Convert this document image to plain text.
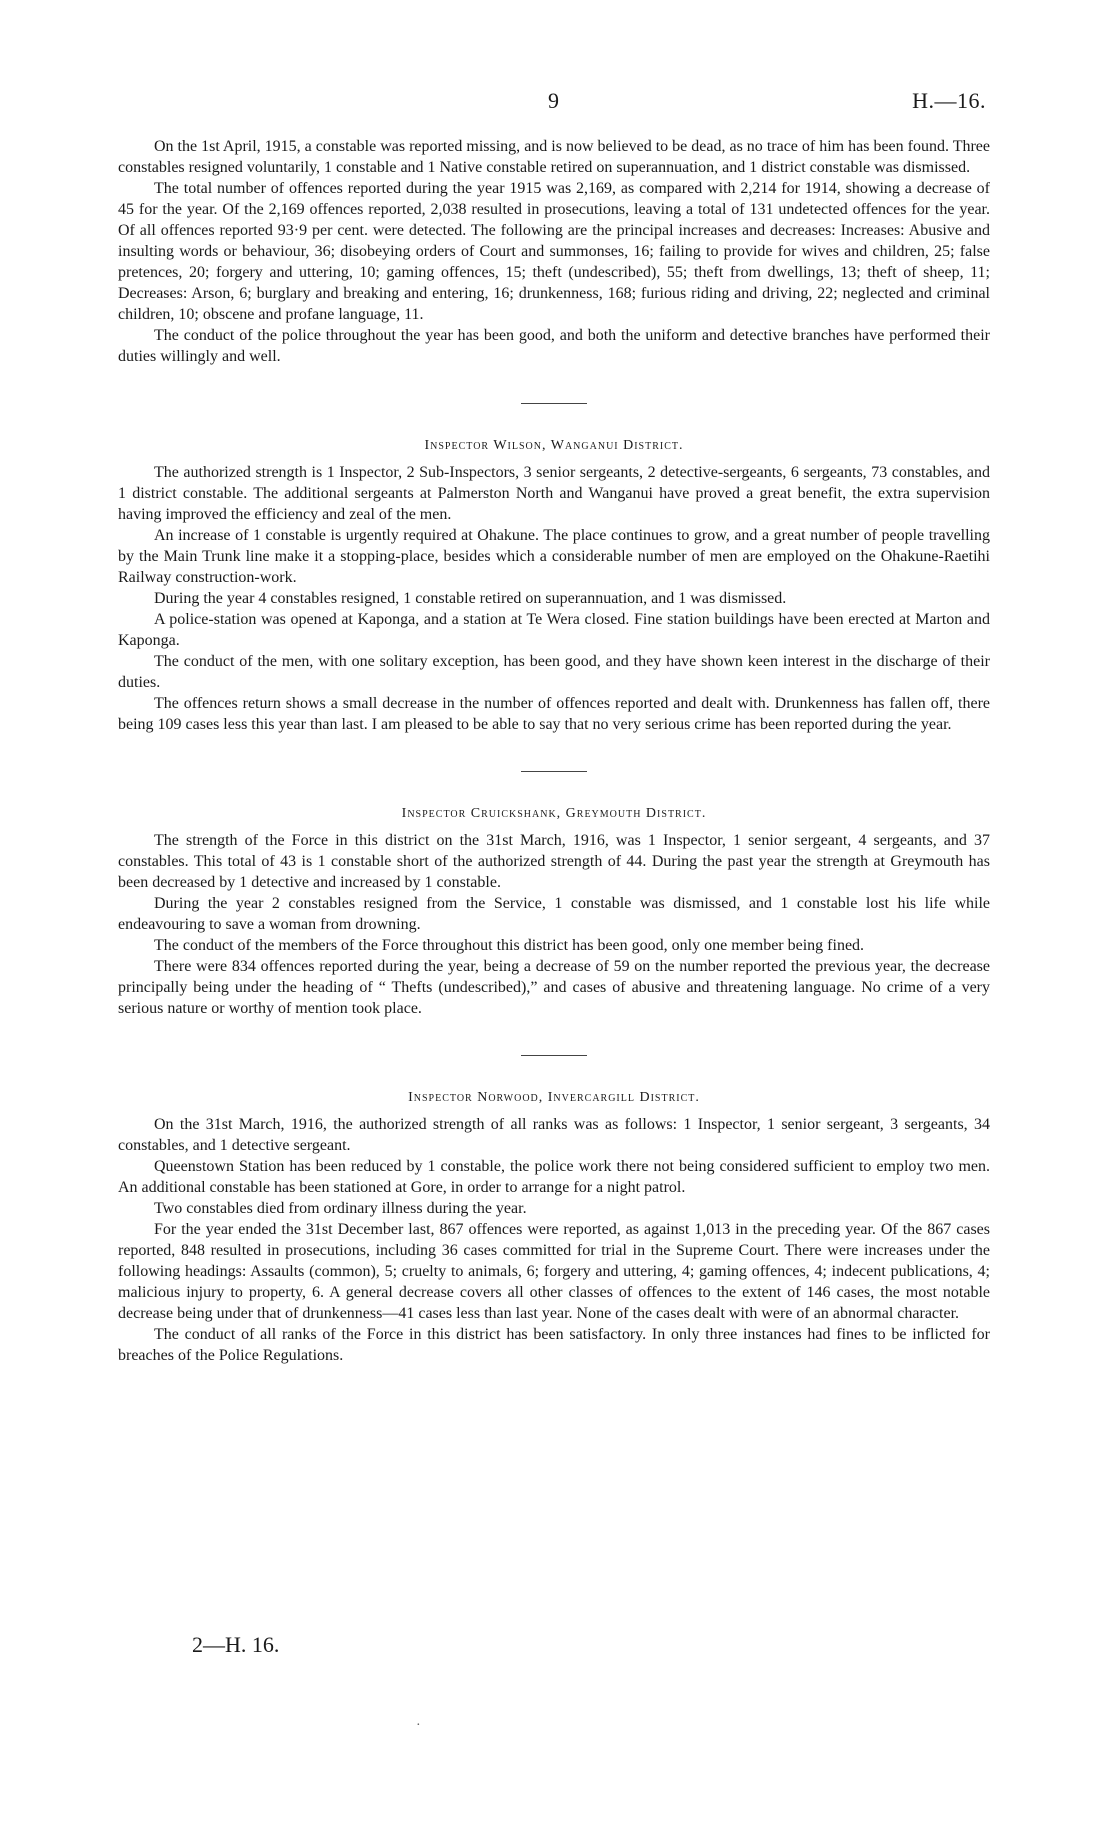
9	H.—16.

On the 1st April, 1915, a constable was reported missing, and is now believed to be dead, as no trace of him has been found. Three constables resigned voluntarily, 1 constable and 1 Native constable retired on superannuation, and 1 district constable was dismissed.

The total number of offences reported during the year 1915 was 2,169, as compared with 2,214 for 1914, showing a decrease of 45 for the year. Of the 2,169 offences reported, 2,038 resulted in prosecutions, leaving a total of 131 undetected offences for the year. Of all offences reported 93·9 per cent. were detected. The following are the principal increases and decreases: Increases: Abusive and insulting words or behaviour, 36; disobeying orders of Court and summonses, 16; failing to provide for wives and children, 25; false pretences, 20; forgery and uttering, 10; gaming offences, 15; theft (undescribed), 55; theft from dwellings, 13; theft of sheep, 11; Decreases: Arson, 6; burglary and breaking and entering, 16; drunkenness, 168; furious riding and driving, 22; neglected and criminal children, 10; obscene and profane language, 11.

The conduct of the police throughout the year has been good, and both the uniform and detective branches have performed their duties willingly and well.

Inspector Wilson, Wanganui District.

The authorized strength is 1 Inspector, 2 Sub-Inspectors, 3 senior sergeants, 2 detective-sergeants, 6 sergeants, 73 constables, and 1 district constable. The additional sergeants at Palmerston North and Wanganui have proved a great benefit, the extra supervision having improved the efficiency and zeal of the men.

An increase of 1 constable is urgently required at Ohakune. The place continues to grow, and a great number of people travelling by the Main Trunk line make it a stopping-place, besides which a considerable number of men are employed on the Ohakune-Raetihi Railway construction-work.

During the year 4 constables resigned, 1 constable retired on superannuation, and 1 was dismissed.

A police-station was opened at Kaponga, and a station at Te Wera closed. Fine station buildings have been erected at Marton and Kaponga.

The conduct of the men, with one solitary exception, has been good, and they have shown keen interest in the discharge of their duties.

The offences return shows a small decrease in the number of offences reported and dealt with. Drunkenness has fallen off, there being 109 cases less this year than last. I am pleased to be able to say that no very serious crime has been reported during the year.

Inspector Cruickshank, Greymouth District.

The strength of the Force in this district on the 31st March, 1916, was 1 Inspector, 1 senior sergeant, 4 sergeants, and 37 constables. This total of 43 is 1 constable short of the authorized strength of 44. During the past year the strength at Greymouth has been decreased by 1 detective and increased by 1 constable.

During the year 2 constables resigned from the Service, 1 constable was dismissed, and 1 constable lost his life while endeavouring to save a woman from drowning.

The conduct of the members of the Force throughout this district has been good, only one member being fined.

There were 834 offences reported during the year, being a decrease of 59 on the number reported the previous year, the decrease principally being under the heading of “ Thefts (undescribed),” and cases of abusive and threatening language. No crime of a very serious nature or worthy of mention took place.

Inspector Norwood, Invercargill District.

On the 31st March, 1916, the authorized strength of all ranks was as follows: 1 Inspector, 1 senior sergeant, 3 sergeants, 34 constables, and 1 detective sergeant.

Queenstown Station has been reduced by 1 constable, the police work there not being considered sufficient to employ two men. An additional constable has been stationed at Gore, in order to arrange for a night patrol.

Two constables died from ordinary illness during the year.

For the year ended the 31st December last, 867 offences were reported, as against 1,013 in the preceding year. Of the 867 cases reported, 848 resulted in prosecutions, including 36 cases committed for trial in the Supreme Court. There were increases under the following headings: Assaults (common), 5; cruelty to animals, 6; forgery and uttering, 4; gaming offences, 4; indecent publications, 4; malicious injury to property, 6. A general decrease covers all other classes of offences to the extent of 146 cases, the most notable decrease being under that of drunkenness—41 cases less than last year. None of the cases dealt with were of an abnormal character.

The conduct of all ranks of the Force in this district has been satisfactory. In only three instances had fines to be inflicted for breaches of the Police Regulations.

2—H. 16.
·
